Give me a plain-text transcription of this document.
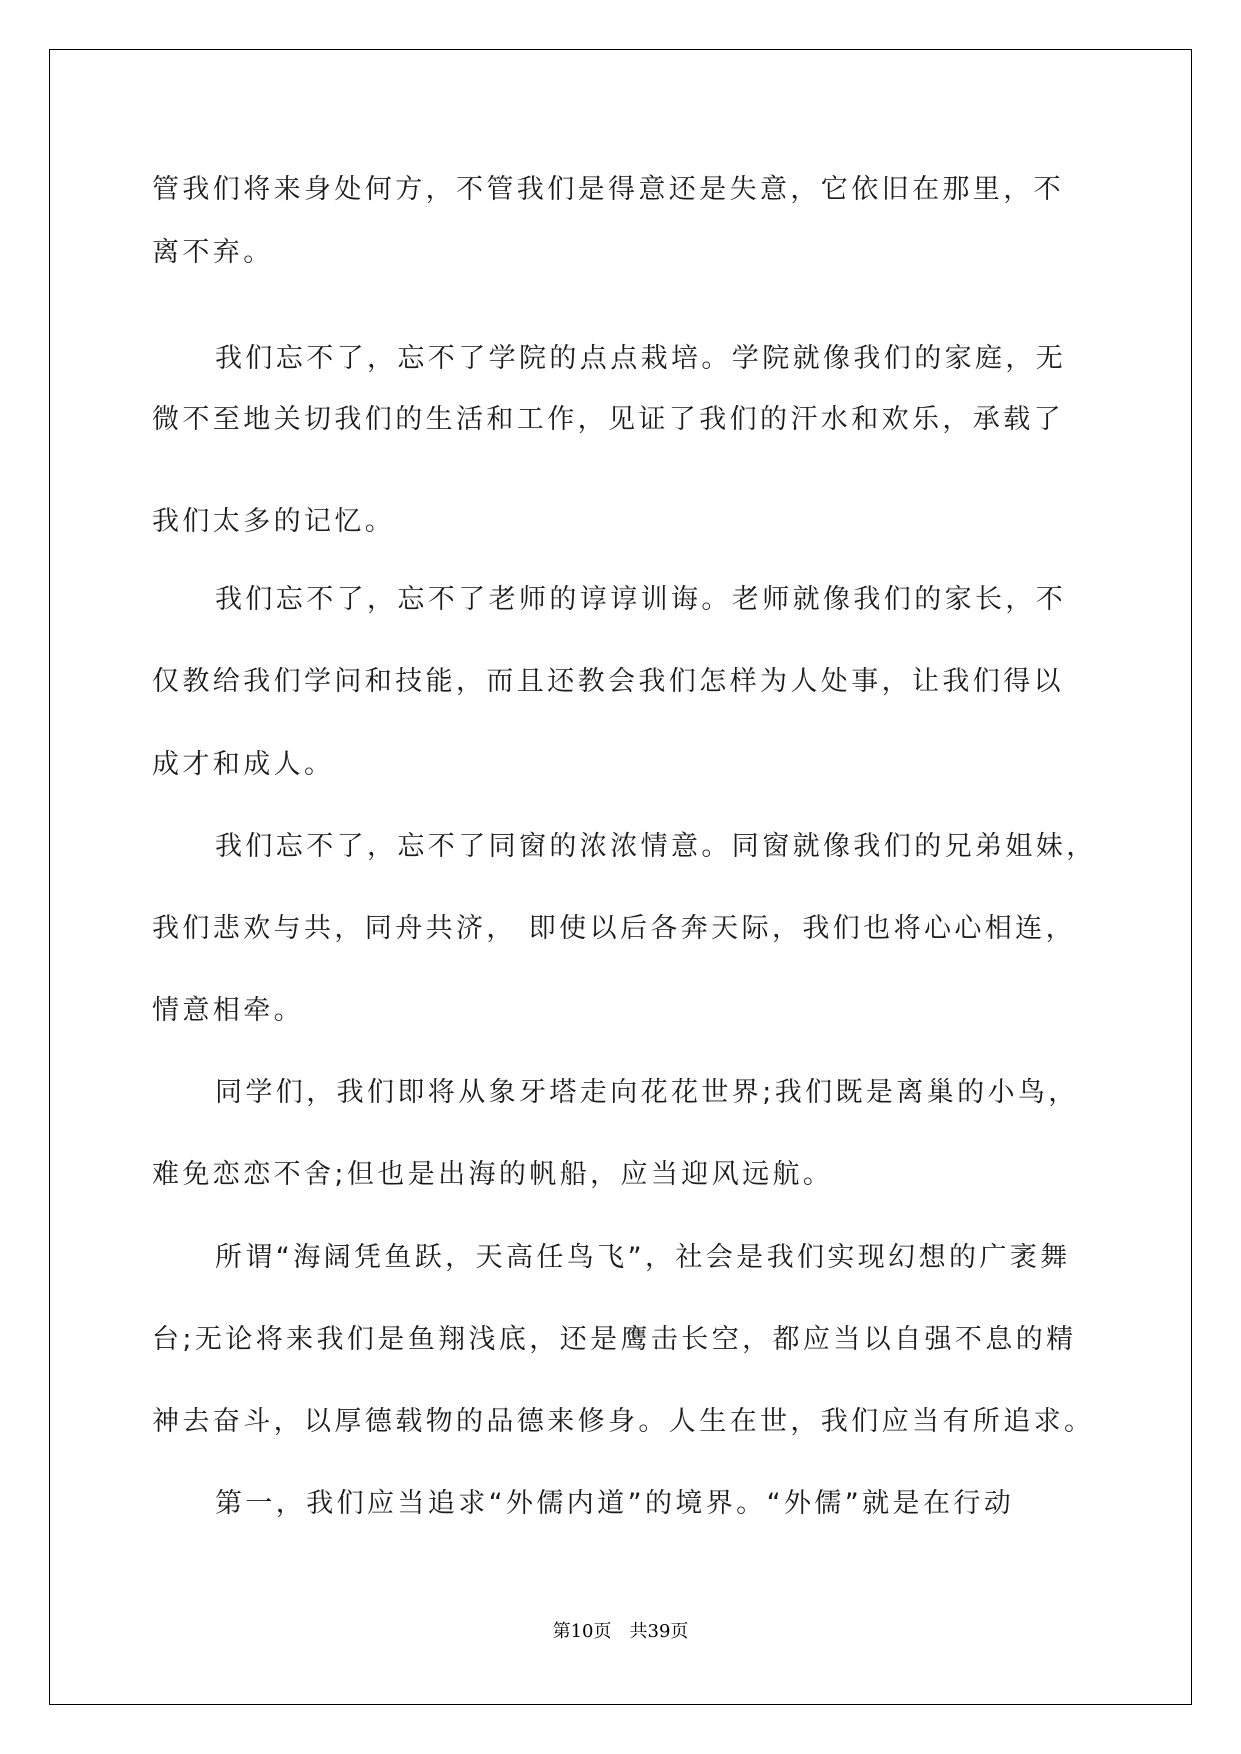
管我们将来身处何方，不管我们是得意还是失意，它依旧在那里，不

离不弃。

我们忘不了，忘不了学院的点点栽培。学院就像我们的家庭，无

微不至地关切我们的生活和工作，见证了我们的汗水和欢乐，承载了

我们太多的记忆。

我们忘不了，忘不了老师的谆谆训诲。老师就像我们的家长，不

仅教给我们学问和技能，而且还教会我们怎样为人处事，让我们得以

成才和成人。

我们忘不了，忘不了同窗的浓浓情意。同窗就像我们的兄弟姐妹，

我们悲欢与共，同舟共济， 即使以后各奔天际，我们也将心心相连，

情意相牵。

同学们，我们即将从象牙塔走向花花世界;我们既是离巢的小鸟，

难免恋恋不舍;但也是出海的帆船，应当迎风远航。

所谓“海阔凭鱼跃，天高任鸟飞”，社会是我们实现幻想的广袤舞

台;无论将来我们是鱼翔浅底，还是鹰击长空，都应当以自强不息的精

神去奋斗，以厚德载物的品德来修身。人生在世，我们应当有所追求。

第一，我们应当追求“外儒内道”的境界。“外儒”就是在行动

第10页　共39页
